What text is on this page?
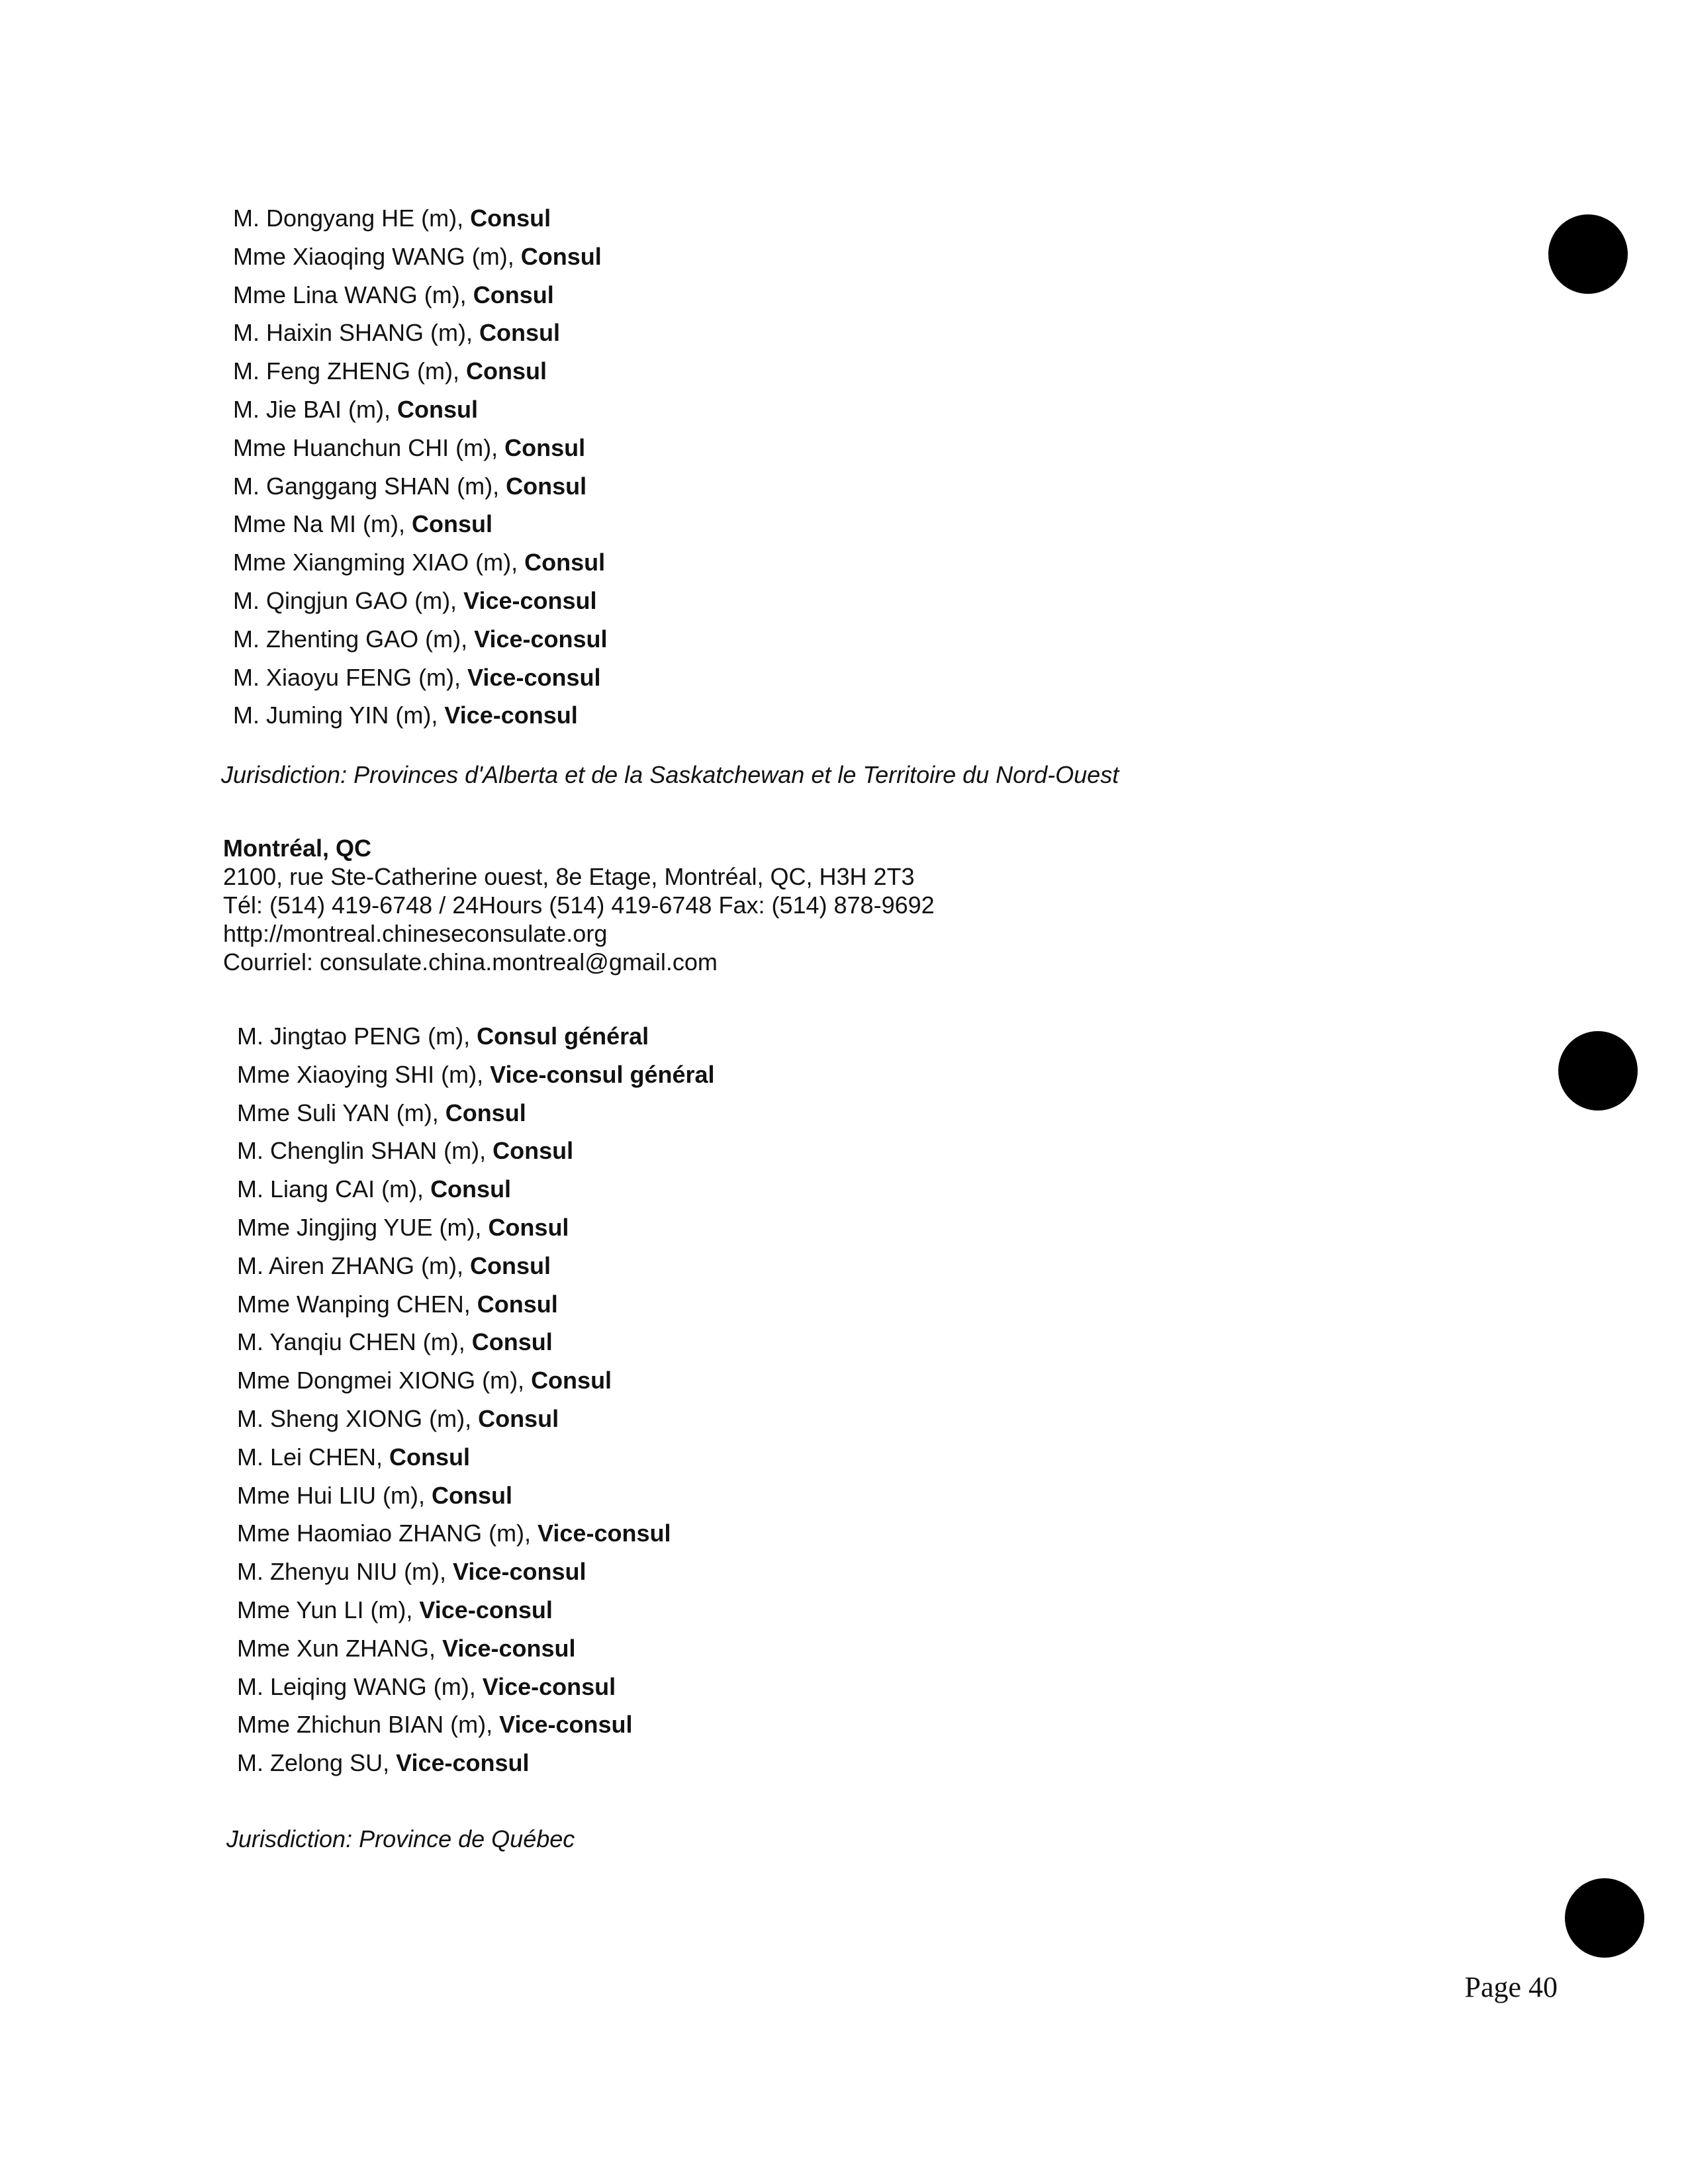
M. Dongyang HE (m), Consul
Mme Xiaoqing WANG (m), Consul
Mme Lina WANG (m), Consul
M. Haixin SHANG (m), Consul
M. Feng ZHENG (m), Consul
M. Jie BAI (m), Consul
Mme Huanchun CHI (m), Consul
M. Ganggang SHAN (m), Consul
Mme Na MI (m), Consul
Mme Xiangming XIAO (m), Consul
M. Qingjun GAO (m), Vice-consul
M. Zhenting GAO (m), Vice-consul
M. Xiaoyu FENG (m), Vice-consul
M. Juming YIN (m), Vice-consul
Jurisdiction: Provinces d'Alberta et de la Saskatchewan et le Territoire du Nord-Ouest
Montréal, QC
2100, rue Ste-Catherine ouest, 8e Etage, Montréal, QC, H3H 2T3
Tél: (514) 419-6748 / 24Hours (514) 419-6748 Fax: (514) 878-9692
http://montreal.chineseconsulate.org
Courriel: consulate.china.montreal@gmail.com
M. Jingtao PENG (m), Consul général
Mme Xiaoying SHI (m), Vice-consul général
Mme Suli YAN (m), Consul
M. Chenglin SHAN (m), Consul
M. Liang CAI (m), Consul
Mme Jingjing YUE (m), Consul
M. Airen ZHANG (m), Consul
Mme Wanping CHEN, Consul
M. Yanqiu CHEN (m), Consul
Mme Dongmei XIONG (m), Consul
M. Sheng XIONG (m), Consul
M. Lei CHEN, Consul
Mme Hui LIU (m), Consul
Mme Haomiao ZHANG (m), Vice-consul
M. Zhenyu NIU (m), Vice-consul
Mme Yun LI (m), Vice-consul
Mme Xun ZHANG, Vice-consul
M. Leiqing WANG (m), Vice-consul
Mme Zhichun BIAN (m), Vice-consul
M. Zelong SU, Vice-consul
Jurisdiction: Province de Québec
Page 40
